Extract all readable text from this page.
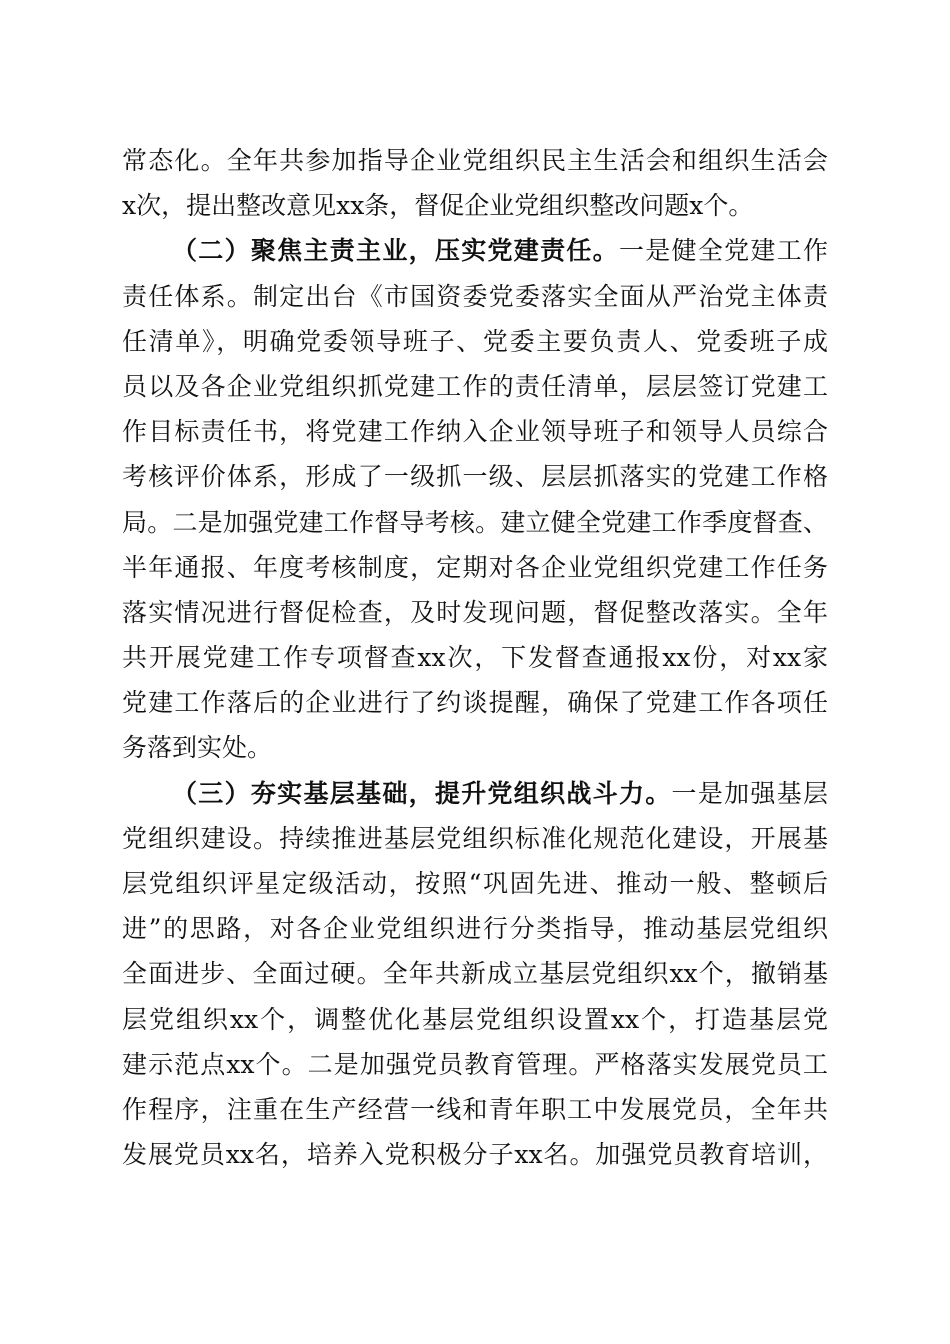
常态化。全年共参加指导企业党组织民主生活会和组织生活会
x次，提出整改意见xx条，督促企业党组织整改问题x个。
（二）聚焦主责主业，压实党建责任。一是健全党建工作
责任体系。制定出台《市国资委党委落实全面从严治党主体责
任清单》，明确党委领导班子、党委主要负责人、党委班子成
员以及各企业党组织抓党建工作的责任清单，层层签订党建工
作目标责任书，将党建工作纳入企业领导班子和领导人员综合
考核评价体系，形成了一级抓一级、层层抓落实的党建工作格
局。二是加强党建工作督导考核。建立健全党建工作季度督查、
半年通报、年度考核制度，定期对各企业党组织党建工作任务
落实情况进行督促检查，及时发现问题，督促整改落实。全年
共开展党建工作专项督查xx次，下发督查通报xx份，对xx家
党建工作落后的企业进行了约谈提醒，确保了党建工作各项任
务落到实处。
（三）夯实基层基础，提升党组织战斗力。一是加强基层
党组织建设。持续推进基层党组织标准化规范化建设，开展基
层党组织评星定级活动，按照“巩固先进、推动一般、整顿后
进”的思路，对各企业党组织进行分类指导，推动基层党组织
全面进步、全面过硬。全年共新成立基层党组织xx个，撤销基
层党组织xx个，调整优化基层党组织设置xx个，打造基层党
建示范点xx个。二是加强党员教育管理。严格落实发展党员工
作程序，注重在生产经营一线和青年职工中发展党员，全年共
发展党员xx名，培养入党积极分子xx名。加强党员教育培训，
